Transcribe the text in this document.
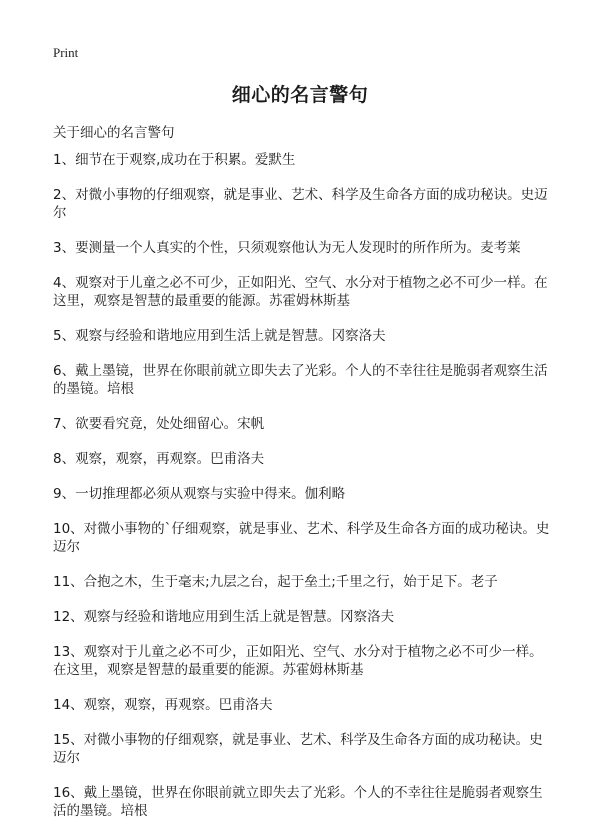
Print
细心的名言警句
关于细心的名言警句
1、细节在于观察,成功在于积累。爱默生
2、对微小事物的仔细观察，就是事业、艺术、科学及生命各方面的成功秘诀。史迈尔
3、要测量一个人真实的个性，只须观察他认为无人发现时的所作所为。麦考莱
4、观察对于儿童之必不可少，正如阳光、空气、水分对于植物之必不可少一样。在这里，观察是智慧的最重要的能源。苏霍姆林斯基
5、观察与经验和谐地应用到生活上就是智慧。冈察洛夫
6、戴上墨镜，世界在你眼前就立即失去了光彩。个人的不幸往往是脆弱者观察生活的墨镜。培根
7、欲要看究竟，处处细留心。宋帆
8、观察，观察，再观察。巴甫洛夫
9、一切推理都必须从观察与实验中得来。伽利略
10、对微小事物的`仔细观察，就是事业、艺术、科学及生命各方面的成功秘诀。史迈尔
11、合抱之木，生于毫末;九层之台，起于垒土;千里之行，始于足下。老子
12、观察与经验和谐地应用到生活上就是智慧。冈察洛夫
13、观察对于儿童之必不可少，正如阳光、空气、水分对于植物之必不可少一样。在这里，观察是智慧的最重要的能源。苏霍姆林斯基
14、观察，观察，再观察。巴甫洛夫
15、对微小事物的仔细观察，就是事业、艺术、科学及生命各方面的成功秘诀。史迈尔
16、戴上墨镜，世界在你眼前就立即失去了光彩。个人的不幸往往是脆弱者观察生活的墨镜。培根
